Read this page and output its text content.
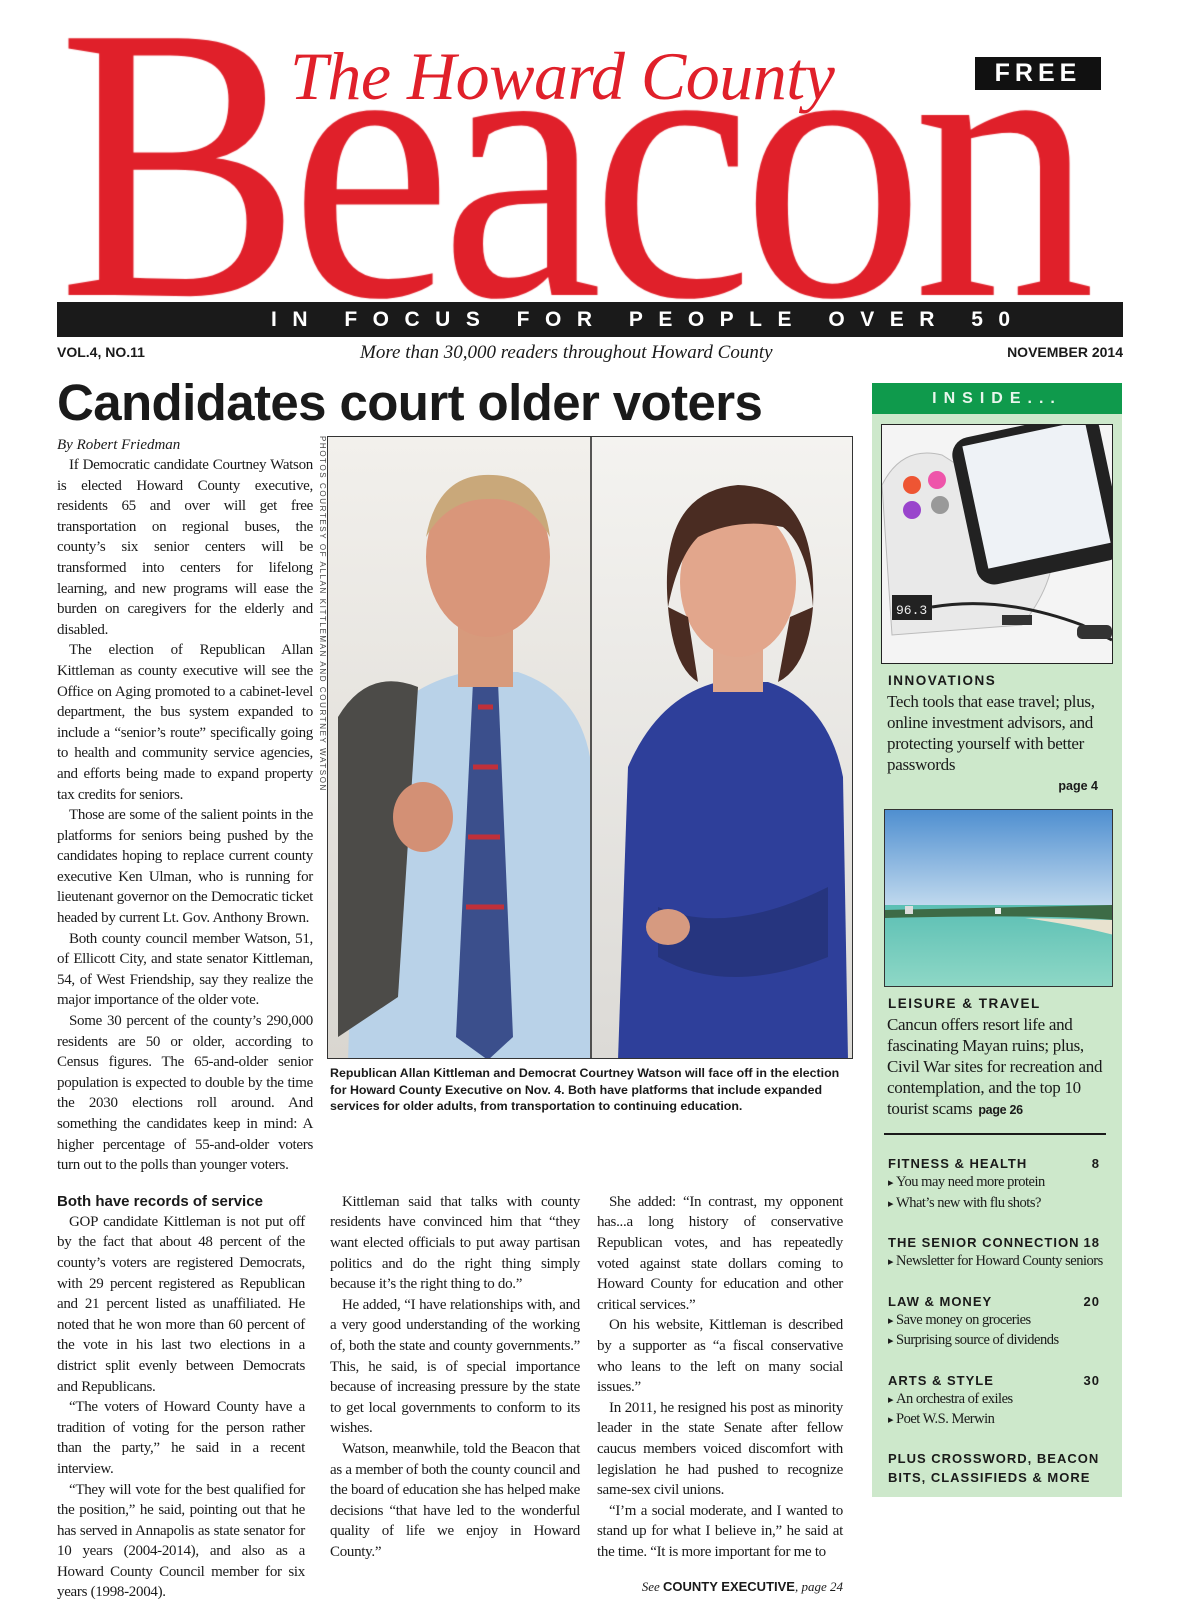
The Howard County	FREE
IN FOCUS FOR PEOPLE OVER 50
VOL.4, NO.11	More than 30,000 readers throughout Howard County	NOVEMBER 2014
Candidates court older voters
By Robert Friedman

If Democratic candidate Courtney Watson is elected Howard County executive, residents 65 and over will get free transportation on regional buses, the county’s six senior centers will be transformed into centers for lifelong learning, and new programs will ease the burden on caregivers for the elderly and disabled.

The election of Republican Allan Kittleman as county executive will see the Office on Aging promoted to a cabinet-level department, the bus system expanded to include a “senior’s route” specifically going to health and community service agencies, and efforts being made to expand property tax credits for seniors.

Those are some of the salient points in the platforms for seniors being pushed by the candidates hoping to replace current county executive Ken Ulman, who is running for lieutenant governor on the Democratic ticket headed by current Lt. Gov. Anthony Brown.

Both county council member Watson, 51, of Ellicott City, and state senator Kittleman, 54, of West Friendship, say they realize the major importance of the older vote.

Some 30 percent of the county’s 290,000 residents are 50 or older, according to Census figures. The 65-and-older senior population is expected to double by the time the 2030 elections roll around. And something the candidates keep in mind: A higher percentage of 55-and-older voters turn out to the polls than younger voters.

PHOTOS COURTESY OF ALLAN KITTLEMAN AND COURTNEY WATSON
Republican Allan Kittleman and Democrat Courtney Watson will face off in the election for Howard County Executive on Nov. 4. Both have platforms that include expanded services for older adults, from transportation to continuing education.
Both have records of service

GOP candidate Kittleman is not put off by the fact that about 48 percent of the county’s voters are registered Democrats, with 29 percent registered as Republican and 21 percent listed as unaffiliated. He noted that he won more than 60 percent of the vote in his last two elections in a district split evenly between Democrats and Republicans.

“The voters of Howard County have a tradition of voting for the person rather than the party,” he said in a recent interview.

“They will vote for the best qualified for the position,” he said, pointing out that he has served in Annapolis as state senator for 10 years (2004-2014), and also as a Howard County Council member for six years (1998-2004).

Kittleman said that talks with county residents have convinced him that “they want elected officials to put away partisan politics and do the right thing simply because it’s the right thing to do.”

He added, “I have relationships with, and a very good understanding of the working of, both the state and county governments.” This, he said, is of special importance because of increasing pressure by the state to get local governments to conform to its wishes.

Watson, meanwhile, told the Beacon that as a member of both the county council and the board of education she has helped make decisions “that have led to the wonderful quality of life we enjoy in Howard County.”

She added: “In contrast, my opponent has...a long history of conservative Republican votes, and has repeatedly voted against state dollars coming to Howard County for education and other critical services.”

On his website, Kittleman is described by a supporter as “a fiscal conservative who leans to the left on many social issues.”

In 2011, he resigned his post as minority leader in the state Senate after fellow caucus members voiced discomfort with legislation he had pushed to recognize same-sex civil unions.

“I’m a social moderate, and I wanted to stand up for what I believe in,” he said at the time. “It is more important for me to

See COUNTY EXECUTIVE, page 24
INSIDE...
96.3
INNOVATIONS
Tech tools that ease travel; plus, online investment advisors, and protecting yourself with better passwords
page 4
LEISURE & TRAVEL
Cancun offers resort life and fascinating Mayan ruins; plus, Civil War sites for recreation and contemplation, and the top 10 tourist scams page 26
FITNESS & HEALTH	8
▸ You may need more protein
▸ What’s new with flu shots?
THE SENIOR CONNECTION 18
▸ Newsletter for Howard County seniors
LAW & MONEY	20
▸ Save money on groceries
▸ Surprising source of dividends
ARTS & STYLE	30
▸ An orchestra of exiles
▸ Poet W.S. Merwin
PLUS CROSSWORD, BEACON BITS, CLASSIFIEDS & MORE
